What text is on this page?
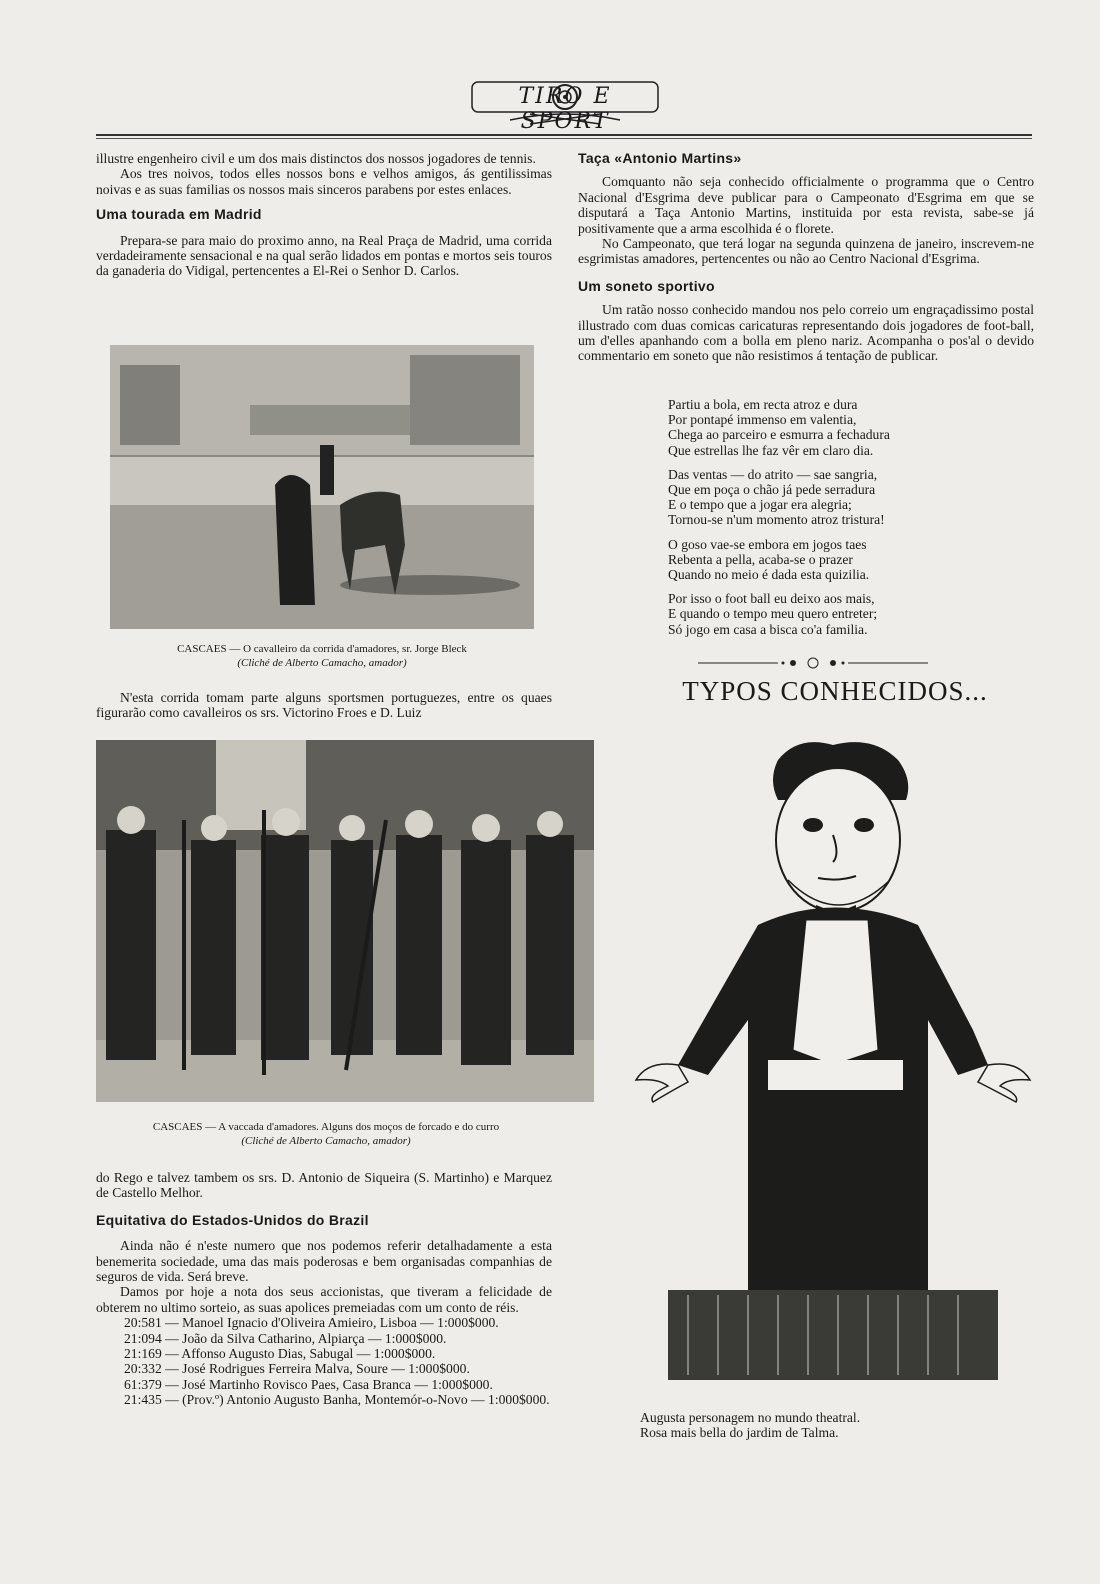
TIRO E SPORT

illustre engenheiro civil e um dos mais distinctos dos nossos jogadores de tennis.

Aos tres noivos, todos elles nossos bons e velhos amigos, ás gentilissimas noivas e as suas familias os nossos mais sinceros parabens por estes enlaces.

Uma tourada em Madrid

Prepara-se para maio do proximo anno, na Real Praça de Madrid, uma corrida verdadeiramente sensacional e na qual serão lidados em pontas e mortos seis touros da ganaderia do Vidigal, pertencentes a El-Rei o Senhor D. Carlos.

CASCAES — O cavalleiro da corrida d'amadores, sr. Jorge Bleck
(Cliché de Alberto Camacho, amador)

N'esta corrida tomam parte alguns sportsmen portuguezes, entre os quaes figurarão como cavalleiros os srs. Victorino Froes e D. Luiz

CASCAES — A vaccada d'amadores. Alguns dos moços de forcado e do curro
(Cliché de Alberto Camacho, amador)

do Rego e talvez tambem os srs. D. Antonio de Siqueira (S. Martinho) e Marquez de Castello Melhor.

Equitativa do Estados-Unidos do Brazil

Ainda não é n'este numero que nos podemos referir detalhadamente a esta benemerita sociedade, uma das mais poderosas e bem organisadas companhias de seguros de vida. Será breve.

Damos por hoje a nota dos seus accionistas, que tiveram a felicidade de obterem no ultimo sorteio, as suas apolices premeiadas com um conto de réis.

20:581 — Manoel Ignacio d'Oliveira Amieiro, Lisboa — 1:000$000.

21:094 — João da Silva Catharino, Alpiarça — 1:000$000.

21:169 — Affonso Augusto Dias, Sabugal — 1:000$000.

20:332 — José Rodrigues Ferreira Malva, Soure — 1:000$000.

61:379 — José Martinho Rovisco Paes, Casa Branca — 1:000$000.

21:435 — (Prov.º) Antonio Augusto Banha, Montemór-o-Novo — 1:000$000.

Taça «Antonio Martins»

Comquanto não seja conhecido officialmente o programma que o Centro Nacional d'Esgrima deve publicar para o Campeonato d'Esgrima em que se disputará a Taça Antonio Martins, instituida por esta revista, sabe-se já positivamente que a arma escolhida é o florete.

No Campeonato, que terá logar na segunda quinzena de janeiro, inscrevem-ne esgrimistas amadores, pertencentes ou não ao Centro Nacional d'Esgrima.

Um soneto sportivo

Um ratão nosso conhecido mandou nos pelo correio um engraçadissimo postal illustrado com duas comicas caricaturas representando dois jogadores de foot-ball, um d'elles apanhando com a bolla em pleno nariz. Acompanha o pos'al o devido commentario em soneto que não resistimos á tentação de publicar.

Partiu a bola, em recta atroz e dura
Por pontapé immenso em valentia,
Chega ao parceiro e esmurra a fechadura
Que estrellas lhe faz vêr em claro dia.

Das ventas — do atrito — sae sangria,
Que em poça o chão já pede serradura
E o tempo que a jogar era alegria;
Tornou-se n'um momento atroz tristura!

O goso vae-se embora em jogos taes
Rebenta a pella, acaba-se o prazer
Quando no meio é dada esta quizilia.

Por isso o foot ball eu deixo aos mais,
E quando o tempo meu quero entreter;
Só jogo em casa a bisca co'a familia.

TYPOS CONHECIDOS...
Augusta personagem no mundo theatral.
Rosa mais bella do jardim de Talma.
